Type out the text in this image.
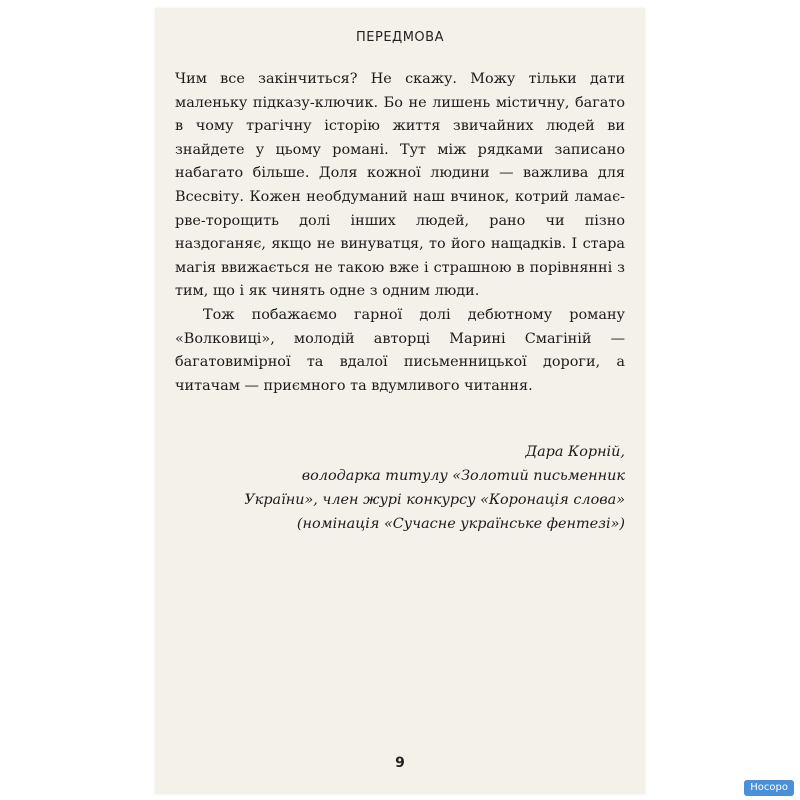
ПЕРЕДМОВА

Чим все закінчиться? Не скажу. Можу тільки дати маленьку підказу-ключик. Бо не лишень містичну, багато в чому трагічну історію життя звичайних людей ви знайдете у цьому романі. Тут між рядками записано набагато більше. Доля кожної людини — важлива для Всесвіту. Кожен необдуманий наш вчинок, котрий ламає-рве-торощить долі інших людей, рано чи пізно наздоганяє, якщо не винуватця, то його нащадків. І стара магія ввижається не такою вже і страшною в порівнянні з тим, що і як чинять одне з одним люди.

Тож побажаємо гарної долі дебютному роману «Волковиці», молодій авторці Марині Смагіній — багатовимірної та вдалої письменницької дороги, а читачам — приємного та вдумливого читання.

Дара Корній,
володарка титулу «Золотий письменник
України», член журі конкурсу «Коронація слова»
(номінація «Сучасне українське фентезі»)
9
Носоро
